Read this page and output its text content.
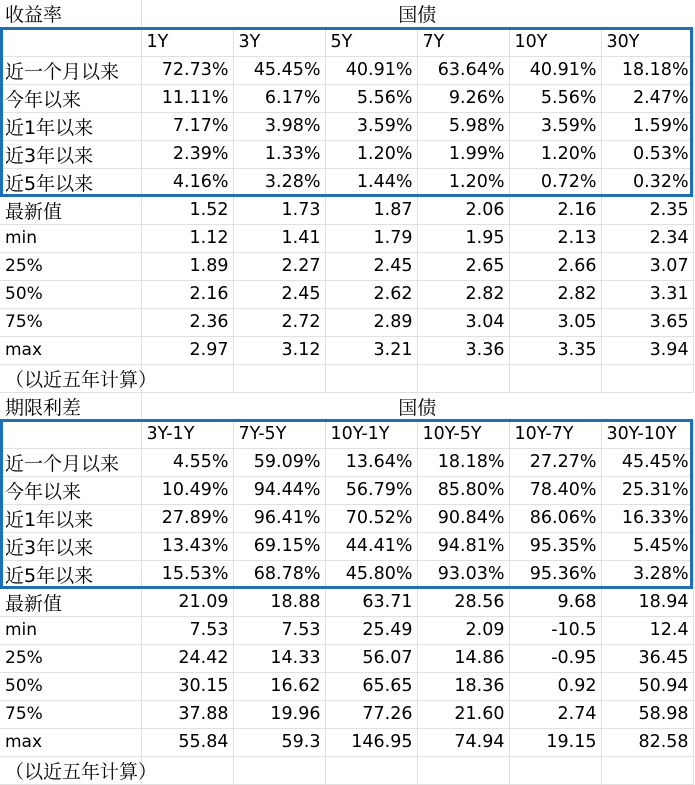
收益率	国债					
	1Y	3Y	5Y	7Y	10Y	30Y
近一个月以来	72.73%	45.45%	40.91%	63.64%	40.91%	18.18%
今年以来	11.11%	6.17%	5.56%	9.26%	5.56%	2.47%
近1年以来	7.17%	3.98%	3.59%	5.98%	3.59%	1.59%
近3年以来	2.39%	1.33%	1.20%	1.99%	1.20%	0.53%
近5年以来	4.16%	3.28%	1.44%	1.20%	0.72%	0.32%
最新值	1.52	1.73	1.87	2.06	2.16	2.35
min	1.12	1.41	1.79	1.95	2.13	2.34
25%	1.89	2.27	2.45	2.65	2.66	3.07
50%	2.16	2.45	2.62	2.82	2.82	3.31
75%	2.36	2.72	2.89	3.04	3.05	3.65
max	2.97	3.12	3.21	3.36	3.35	3.94
（以近五年计算）						
期限利差	国债					
	3Y-1Y	7Y-5Y	10Y-1Y	10Y-5Y	10Y-7Y	30Y-10Y
近一个月以来	4.55%	59.09%	13.64%	18.18%	27.27%	45.45%
今年以来	10.49%	94.44%	56.79%	85.80%	78.40%	25.31%
近1年以来	27.89%	96.41%	70.52%	90.84%	86.06%	16.33%
近3年以来	13.43%	69.15%	44.41%	94.81%	95.35%	5.45%
近5年以来	15.53%	68.78%	45.80%	93.03%	95.36%	3.28%
最新值	21.09	18.88	63.71	28.56	9.68	18.94
min	7.53	7.53	25.49	2.09	-10.5	12.4
25%	24.42	14.33	56.07	14.86	-0.95	36.45
50%	30.15	16.62	65.65	18.36	0.92	50.94
75%	37.88	19.96	77.26	21.60	2.74	58.98
max	55.84	59.3	146.95	74.94	19.15	82.58
（以近五年计算）						
